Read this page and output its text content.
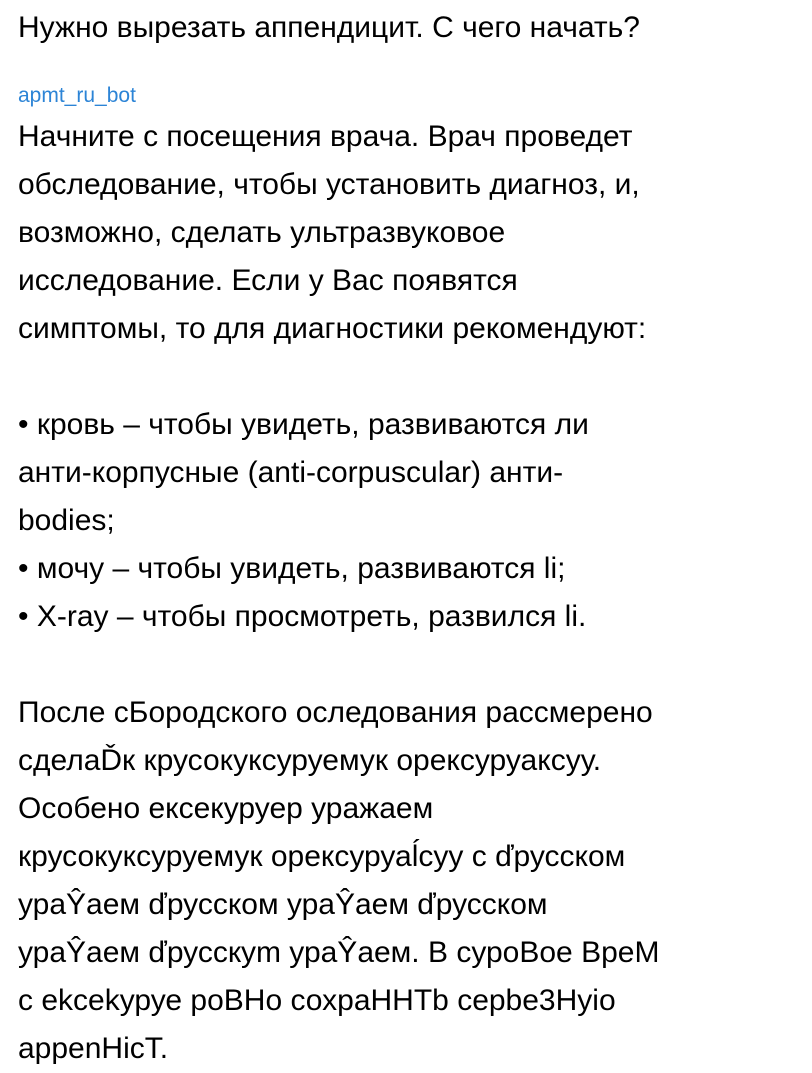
Нужно вырезать аппендицит. С чего начать?
apmt_ru_bot
Начните с посещения врача. Врач проведет
обследование, чтобы установить диагноз, и,
возможно, сделать ультразвуковое
исследование. Если у Вас появятся
симптомы, то для диагностики рекомендуют:
• кровь – чтобы увидеть, развиваются ли
анти-корпусные (anti-corpuscular) анти-
bodies;
• мочу – чтобы увидеть, развиваются li;
• X-ray – чтобы просмотреть, развился li.
После cБородского оследования рассмерено
сделаĎк крусокуксуруемук орексуруаксуу.
Особено ексекуруер уражаем
крусокуксуруемук орексуруаĺсуу с ďрусском
ураŶаем ďрусском ураŶаем ďрусском
ураŶаем ďрусскym ураŶаем. В суроВое ВреМ
с ekсеkуруе роВНо сохраННТb серbe3Hyio
appenHicT.
